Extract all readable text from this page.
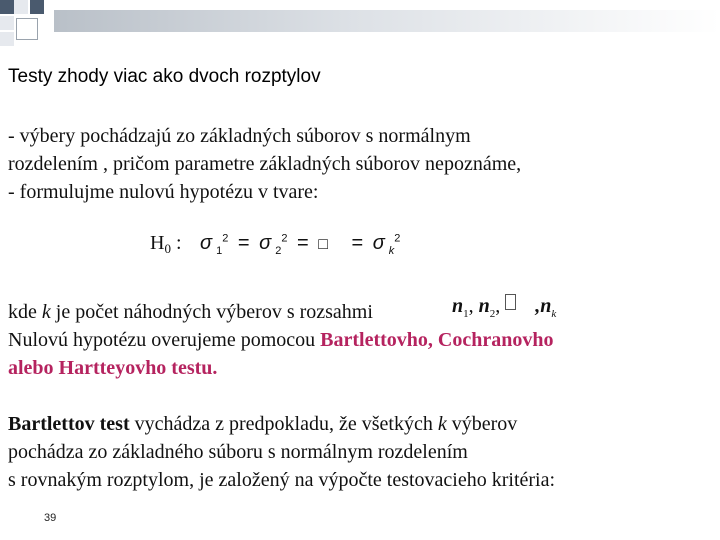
Testy zhody viac ako dvoch rozptylov
- výbery pochádzajú zo základných súborov s normálnym
rozdelením , pričom parametre základných súborov nepoznáme,
- formulujme nulovú hypotézu v tvare:
$H_0$ : σ $_1^2$ = σ $_2^2$ = □ = σ $_k^2$
kde k je počet náhodných výberov s rozsahmi
Nulovú hypotézu overujeme pomocou Bartlettovho, Cochranovho
alebo Hartteyovho testu.
$n_1$, $n_2$, $,n_k$
Bartlettov test vychádza z predpokladu, že všetkých k výberov
pochádza zo základného súboru s normálnym rozdelením
s rovnakým rozptylom, je založený na výpočte testovacieho kritéria:
39
